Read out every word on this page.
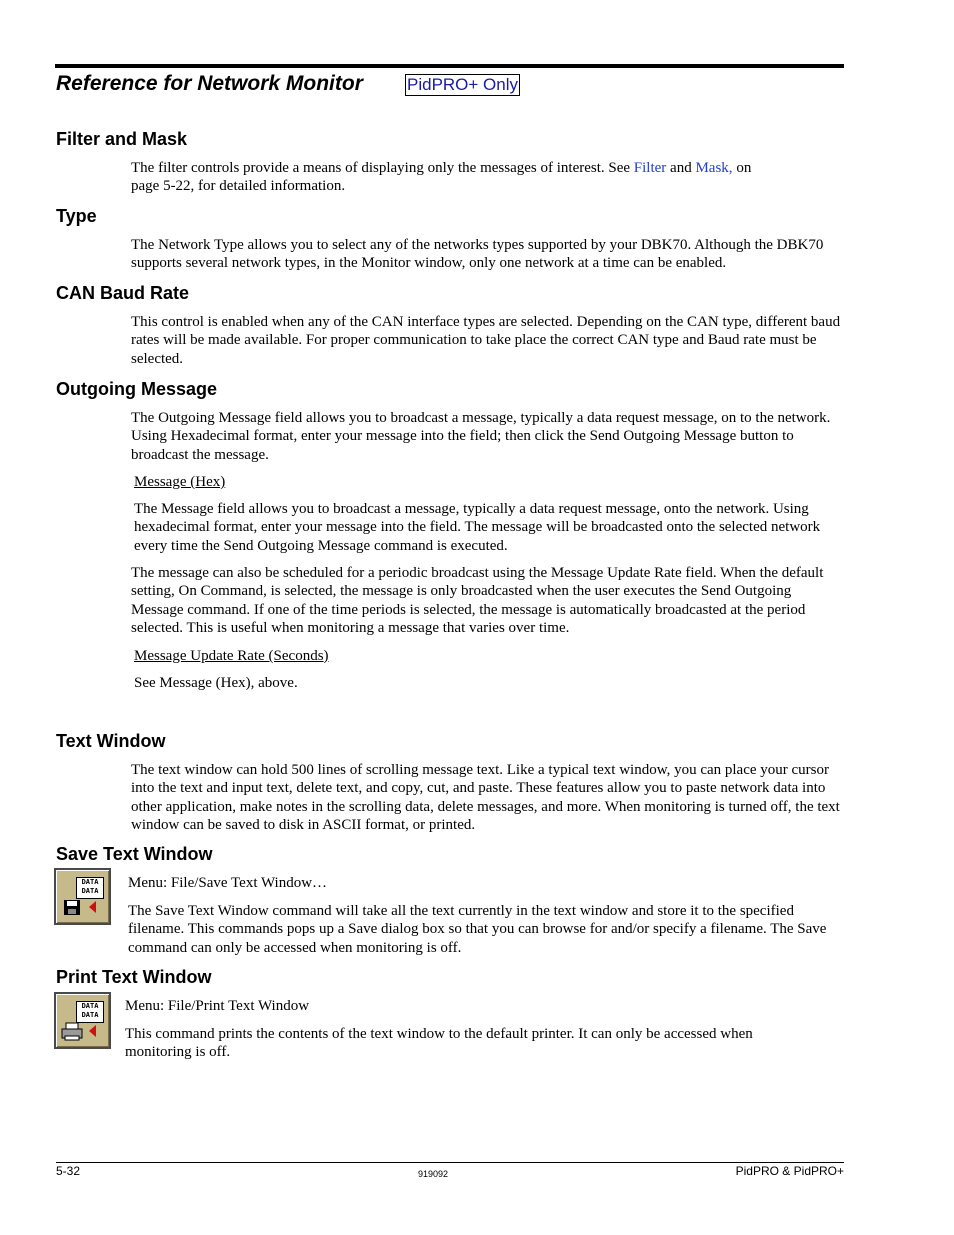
Reference for Network Monitor	PidPRO+ Only
Filter and Mask
The filter controls provide a means of displaying only the messages of interest. See Filter and Mask, on
page 5-22, for detailed information.
Type
The Network Type allows you to select any of the networks types supported by your DBK70. Although the DBK70 supports several network types, in the Monitor window, only one network at a time can be enabled.
CAN Baud Rate
This control is enabled when any of the CAN interface types are selected. Depending on the CAN type, different baud rates will be made available. For proper communication to take place the correct CAN type and Baud rate must be selected.
Outgoing Message
The Outgoing Message field allows you to broadcast a message, typically a data request message, on to the network. Using Hexadecimal format, enter your message into the field; then click the Send Outgoing Message button to broadcast the message.
Message (Hex)
The Message field allows you to broadcast a message, typically a data request message, onto the network. Using hexadecimal format, enter your message into the field. The message will be broadcasted onto the selected network every time the Send Outgoing Message command is executed.
The message can also be scheduled for a periodic broadcast using the Message Update Rate field. When the default setting, On Command, is selected, the message is only broadcasted when the user executes the Send Outgoing Message command. If one of the time periods is selected, the message is automatically broadcasted at the period selected. This is useful when monitoring a message that varies over time.
Message Update Rate (Seconds)
See Message (Hex), above.
Text Window
The text window can hold 500 lines of scrolling message text. Like a typical text window, you can place your cursor into the text and input text, delete text, and copy, cut, and paste. These features allow you to paste network data into other application, make notes in the scrolling data, delete messages, and more. When monitoring is turned off, the text window can be saved to disk in ASCII format, or printed.
Save Text Window
DATA DATA	Menu: File/Save Text Window…
The Save Text Window command will take all the text currently in the text window and store it to the specified filename. This commands pops up a Save dialog box so that you can browse for and/or specify a filename. The Save command can only be accessed when monitoring is off.
Print Text Window
DATA DATA
Menu: File/Print Text Window
This command prints the contents of the text window to the default printer. It can only be accessed when monitoring is off.
5-32	919092	PidPRO & PidPRO+
